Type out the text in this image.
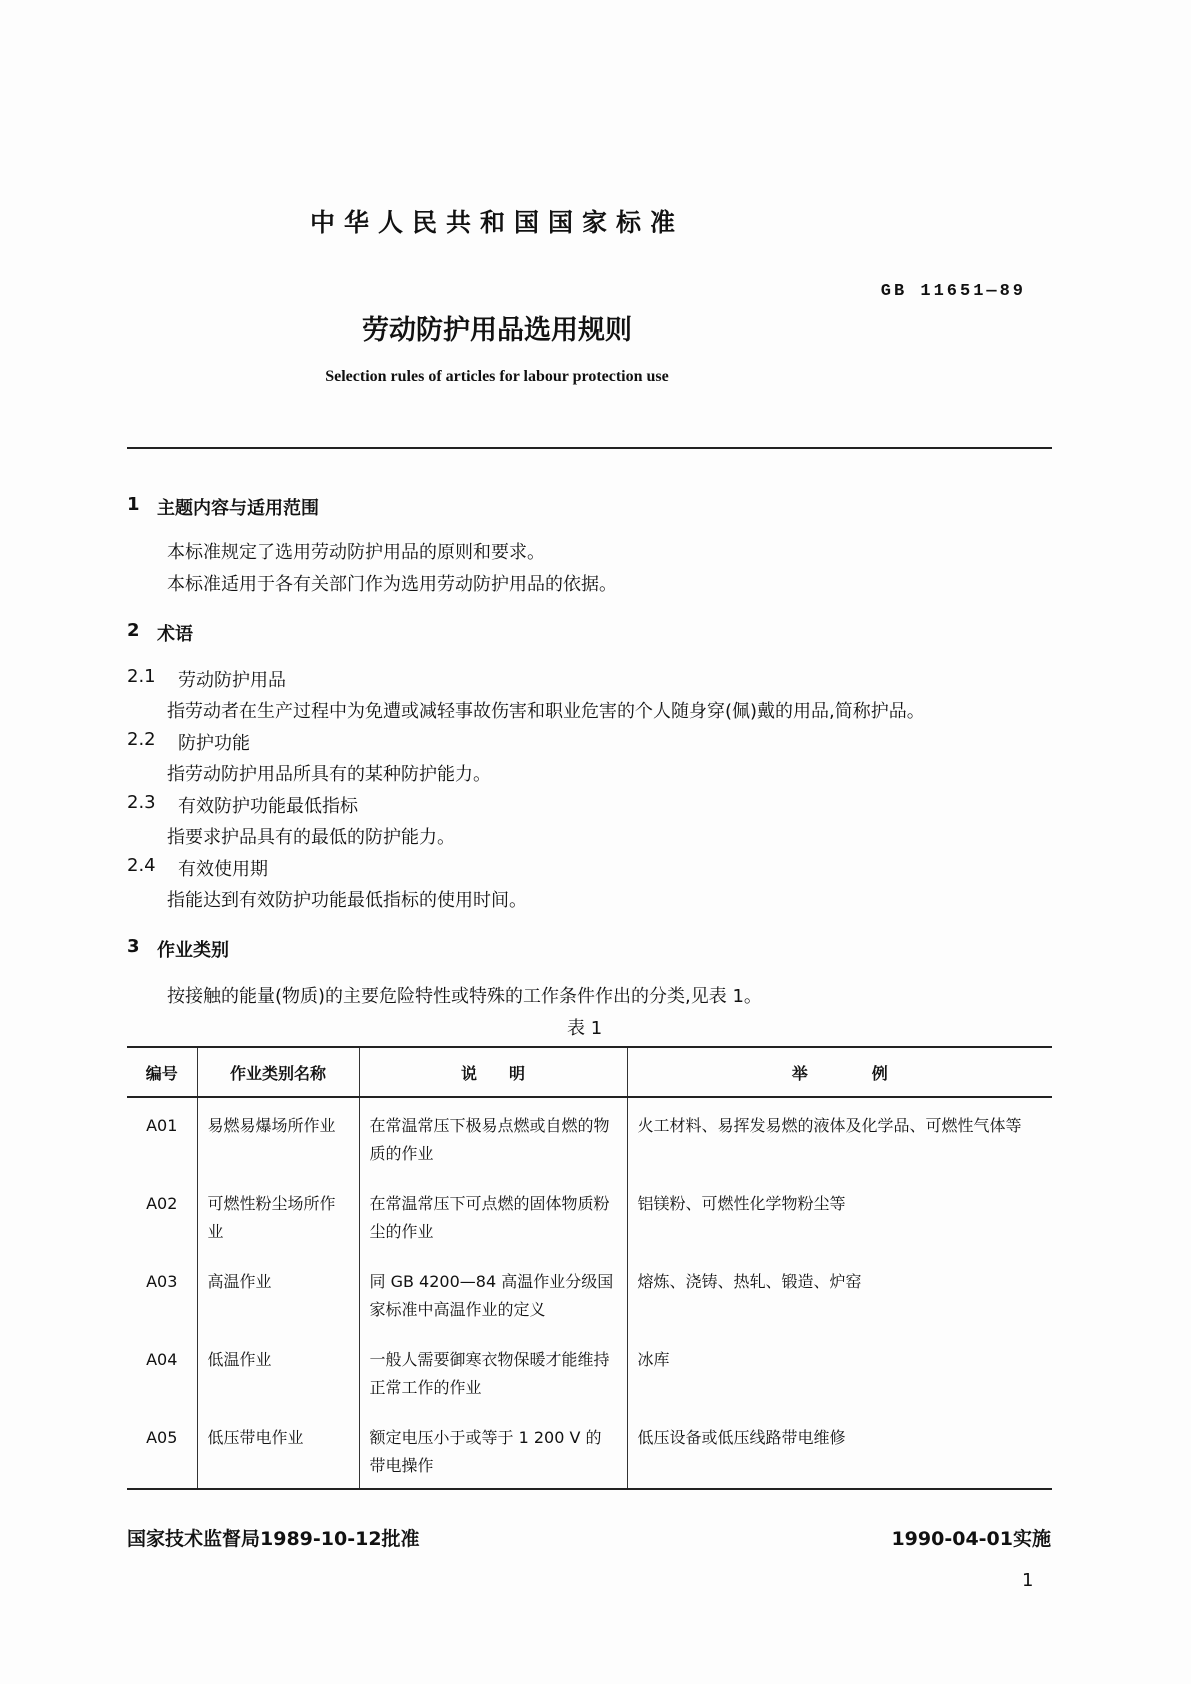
中华人民共和国国家标准
GB 11651—89
劳动防护用品选用规则
Selection rules of articles for labour protection use
1 主题内容与适用范围
本标准规定了选用劳动防护用品的原则和要求。
本标准适用于各有关部门作为选用劳动防护用品的依据。
2 术语
2.1 劳动防护用品
指劳动者在生产过程中为免遭或减轻事故伤害和职业危害的个人随身穿(佩)戴的用品,简称护品。
2.2 防护功能
指劳动防护用品所具有的某种防护能力。
2.3 有效防护功能最低指标
指要求护品具有的最低的防护能力。
2.4 有效使用期
指能达到有效防护功能最低指标的使用时间。
3 作业类别
按接触的能量(物质)的主要危险特性或特殊的工作条件作出的分类,见表 1。
表 1
编号	作业类别名称	说　　明	举　　　　例
A01	易燃易爆场所作业	在常温常压下极易点燃或自燃的物质的作业	火工材料、易挥发易燃的液体及化学品、可燃性气体等
A02	可燃性粉尘场所作业	在常温常压下可点燃的固体物质粉尘的作业	铝镁粉、可燃性化学物粉尘等
A03	高温作业	同 GB 4200—84 高温作业分级国家标准中高温作业的定义	熔炼、浇铸、热轧、锻造、炉窑
A04	低温作业	一般人需要御寒衣物保暖才能维持正常工作的作业	冰库
A05	低压带电作业	额定电压小于或等于 1 200 V 的带电操作	低压设备或低压线路带电维修
国家技术监督局1989-10-12批准	1990-04-01实施
1
